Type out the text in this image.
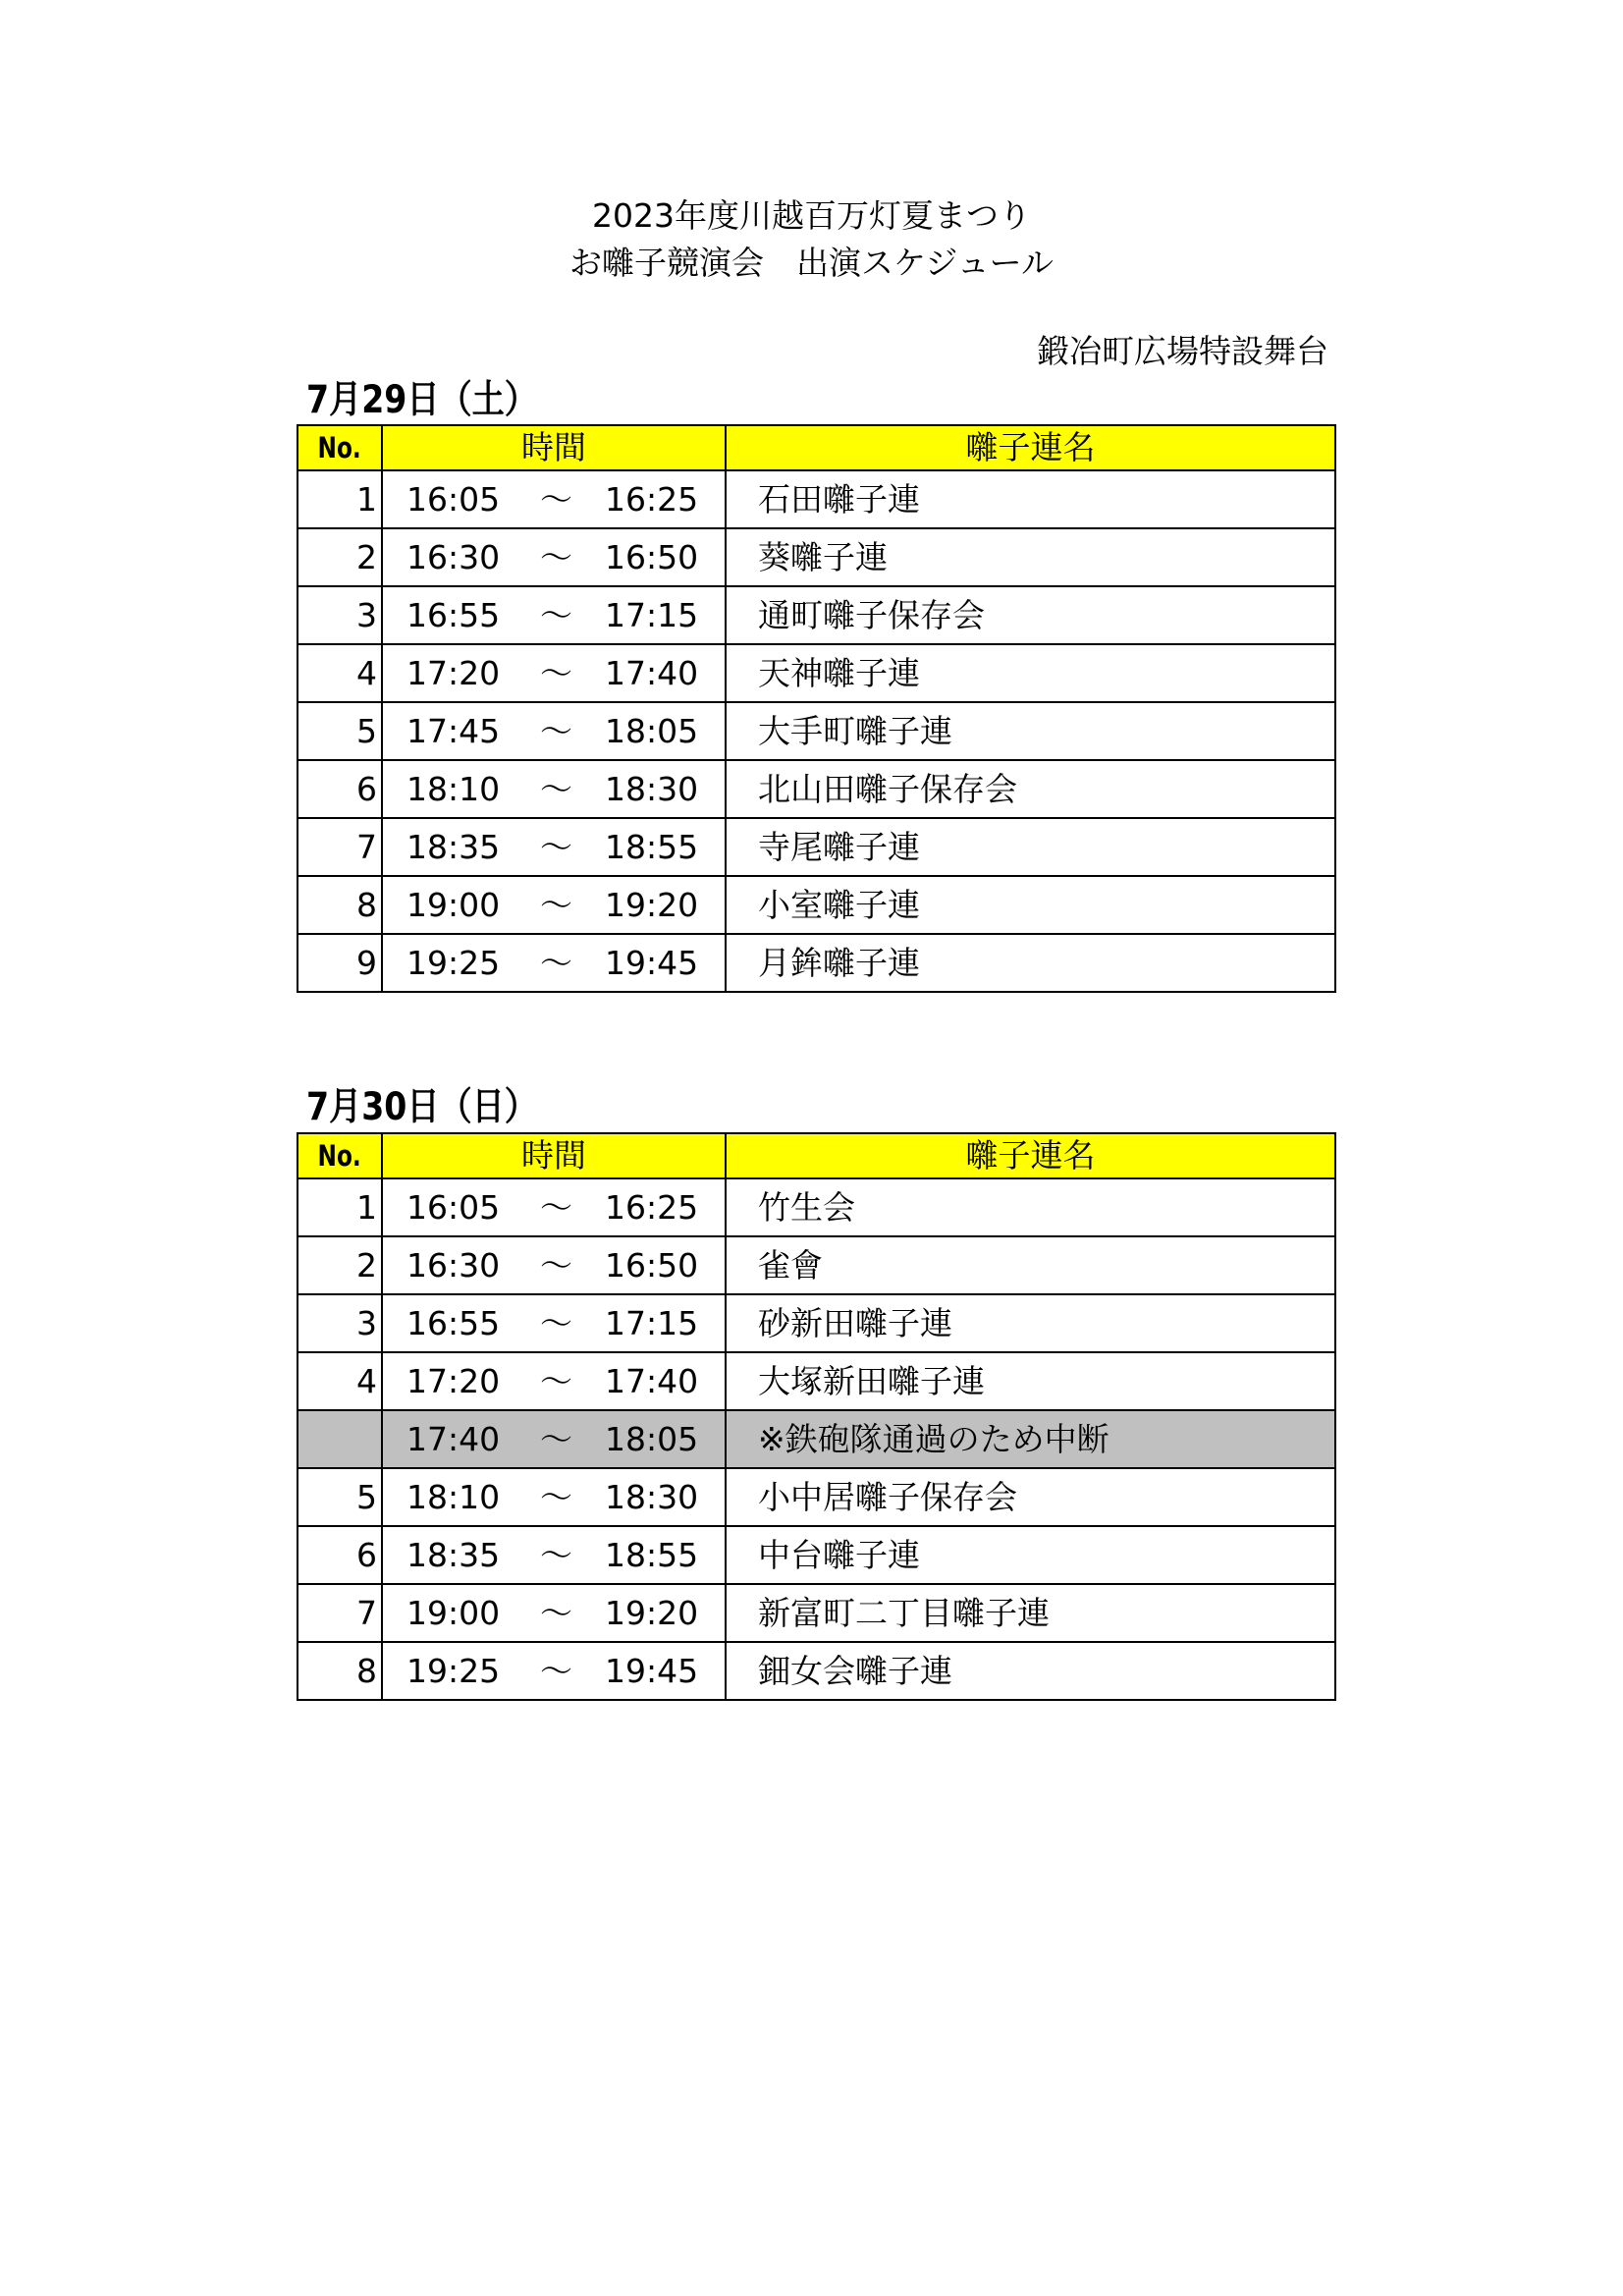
2023年度川越百万灯夏まつり
お囃子競演会　出演スケジュール
鍛冶町広場特設舞台
7月29日（土）
No.	時間	囃子連名
1	16:05 ～ 16:25	石田囃子連
2	16:30 ～ 16:50	葵囃子連
3	16:55 ～ 17:15	通町囃子保存会
4	17:20 ～ 17:40	天神囃子連
5	17:45 ～ 18:05	大手町囃子連
6	18:10 ～ 18:30	北山田囃子保存会
7	18:35 ～ 18:55	寺尾囃子連
8	19:00 ～ 19:20	小室囃子連
9	19:25 ～ 19:45	月鉾囃子連
7月30日（日）
No.	時間	囃子連名
1	16:05 ～ 16:25	竹生会
2	16:30 ～ 16:50	雀會
3	16:55 ～ 17:15	砂新田囃子連
4	17:20 ～ 17:40	大塚新田囃子連

	17:40 ～ 18:05	※鉄砲隊通過のため中断
5	18:10 ～ 18:30	小中居囃子保存会
6	18:35 ～ 18:55	中台囃子連
7	19:00 ～ 19:20	新富町二丁目囃子連
8	19:25 ～ 19:45	鈿女会囃子連
